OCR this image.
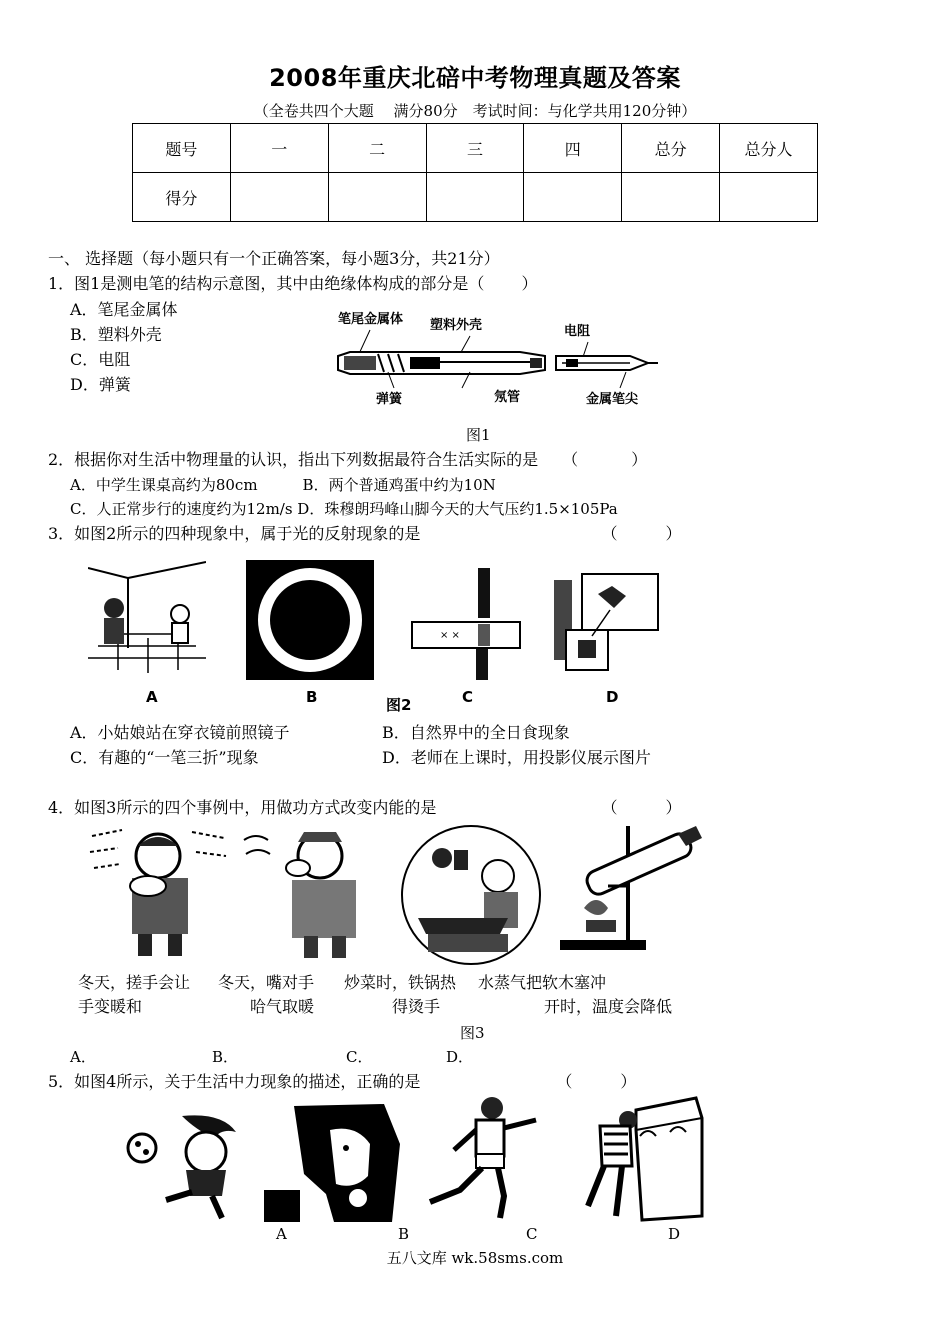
2008年重庆北碚中考物理真题及答案
（全卷共四个大题　 满分80分　考试时间：与化学共用120分钟）
题号	一	二	三	四	总分	总分人
得分						
一、 选择题（每小题只有一个正确答案，每小题3分，共21分）
1．图1是测电笔的结构示意图，其中由绝缘体构成的部分是（　　 ）
A．笔尾金属体
B．塑料外壳
C．电阻
D．弹簧
笔尾金属体 塑料外壳	电阻
弹簧	氖管	金属笔尖
图1
2．根据你对生活中物理量的认识，指出下列数据最符合生活实际的是　　（　　　 ）
A．中学生课桌高约为80cm　　　B．两个普通鸡蛋中约为10N
C．人正常步行的速度约为12m/s D．珠穆朗玛峰山脚今天的大气压约1.5×105Pa
3．如图2所示的四种现象中，属于光的反射现象的是　　　　　　　　　　　 （　　　）
× ×
A	B	图2	C	D
A．小姑娘站在穿衣镜前照镜子	B．自然界中的全日食现象
C．有趣的“一笔三折”现象	D．老师在上课时，用投影仪展示图片
4．如图3所示的四个事例中，用做功方式改变内能的是　　　　　　　　　　 （　　　）
冬天，搓手会让
手变暖和
冬天，嘴对手
哈气取暖
炒菜时，铁锅热
得烫手
水蒸气把软木塞冲
开时，温度会降低
图3
A．	B．	C．	D．
5．如图4所示，关于生活中力现象的描述，正确的是　　　　　　　　　（　　　）
A	B	C	D
五八文库 wk.58sms.com
